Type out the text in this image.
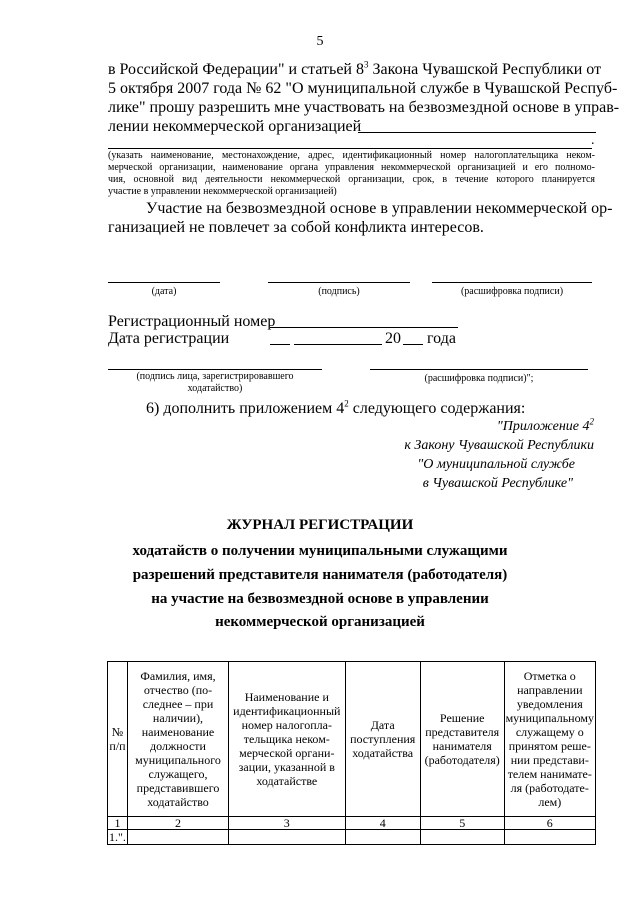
5
в Российской Федерации" и статьей $8^3$ Закона Чувашской Республики от
5 октября 2007 года № 62 "О муниципальной службе в Чувашской Респуб-
лике" прошу разрешить мне участвовать на безвозмездной основе в управ-
лении некоммерческой организацией
.
(указать наименование, местонахождение, адрес, идентификационный номер налогоплательщика неком-
мерческой организации, наименование органа управления некоммерческой организацией и его полномо-
чия, основной вид деятельности некоммерческой организации, срок, в течение которого планируется
участие в управлении некоммерческой организацией)
Участие на безвозмездной основе в управлении некоммерческой ор-
ганизацией не повлечет за собой конфликта интересов.
(дата)	(подпись)	(расшифровка подписи)
Регистрационный номер
Дата регистрации	20 года
(подпись лица, зарегистрировавшего
ходатайство)
(расшифровка подписи)";
6) дополнить приложением $4^2$ следующего содержания:
"Приложение $4^2$
к Закону Чувашской Республики
"О муниципальной службе
в Чувашской Республике"
ЖУРНАЛ РЕГИСТРАЦИИ
ходатайств о получении муниципальными служащими
разрешений представителя нанимателя (работодателя)
на участие на безвозмездной основе в управлении
некоммерческой организацией
№ п/п	Фамилия, имя, отчество (по- следнее – при наличии), наименование должности муниципального служащего, представившего ходатайство	Наименование и идентификационный номер налогопла- тельщика неком- мерческой органи- зации, указанной в ходатайстве	Дата поступления ходатайства	Решение представителя нанимателя (работодателя)	Отметка о направлении уведомления муниципальному служащему о принятом реше- нии представи- телем нанимате- ля (работодате- лем)
1	2	3	4	5	6
1.".					
